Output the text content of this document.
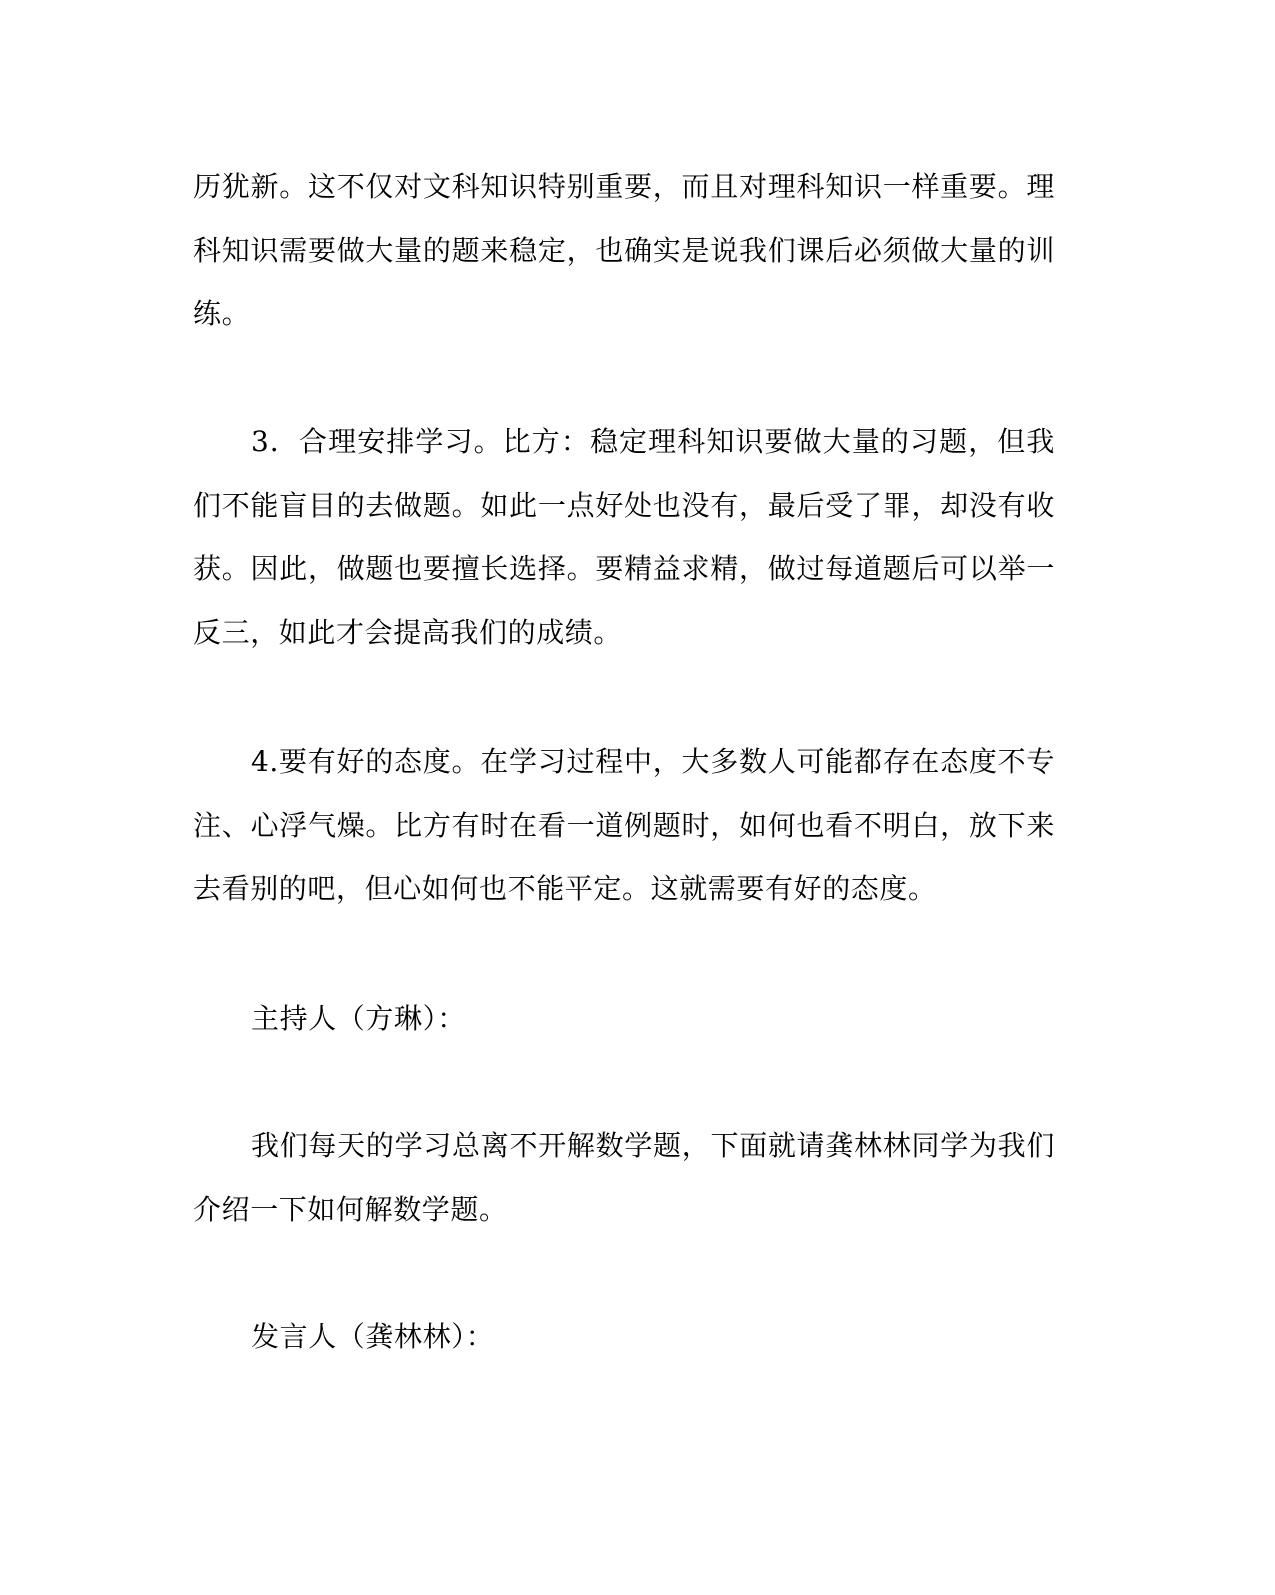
历犹新。这不仅对文科知识特别重要，而且对理科知识一样重要。理科知识需要做大量的题来稳定，也确实是说我们课后必须做大量的训练。

3．合理安排学习。比方：稳定理科知识要做大量的习题，但我们不能盲目的去做题。如此一点好处也没有，最后受了罪，却没有收获。因此，做题也要擅长选择。要精益求精，做过每道题后可以举一反三，如此才会提高我们的成绩。

4.要有好的态度。在学习过程中，大多数人可能都存在态度不专注、心浮气燥。比方有时在看一道例题时，如何也看不明白，放下来去看别的吧，但心如何也不能平定。这就需要有好的态度。

主持人（方琳）：

我们每天的学习总离不开解数学题，下面就请龚林林同学为我们介绍一下如何解数学题。

发言人（龚林林）：
